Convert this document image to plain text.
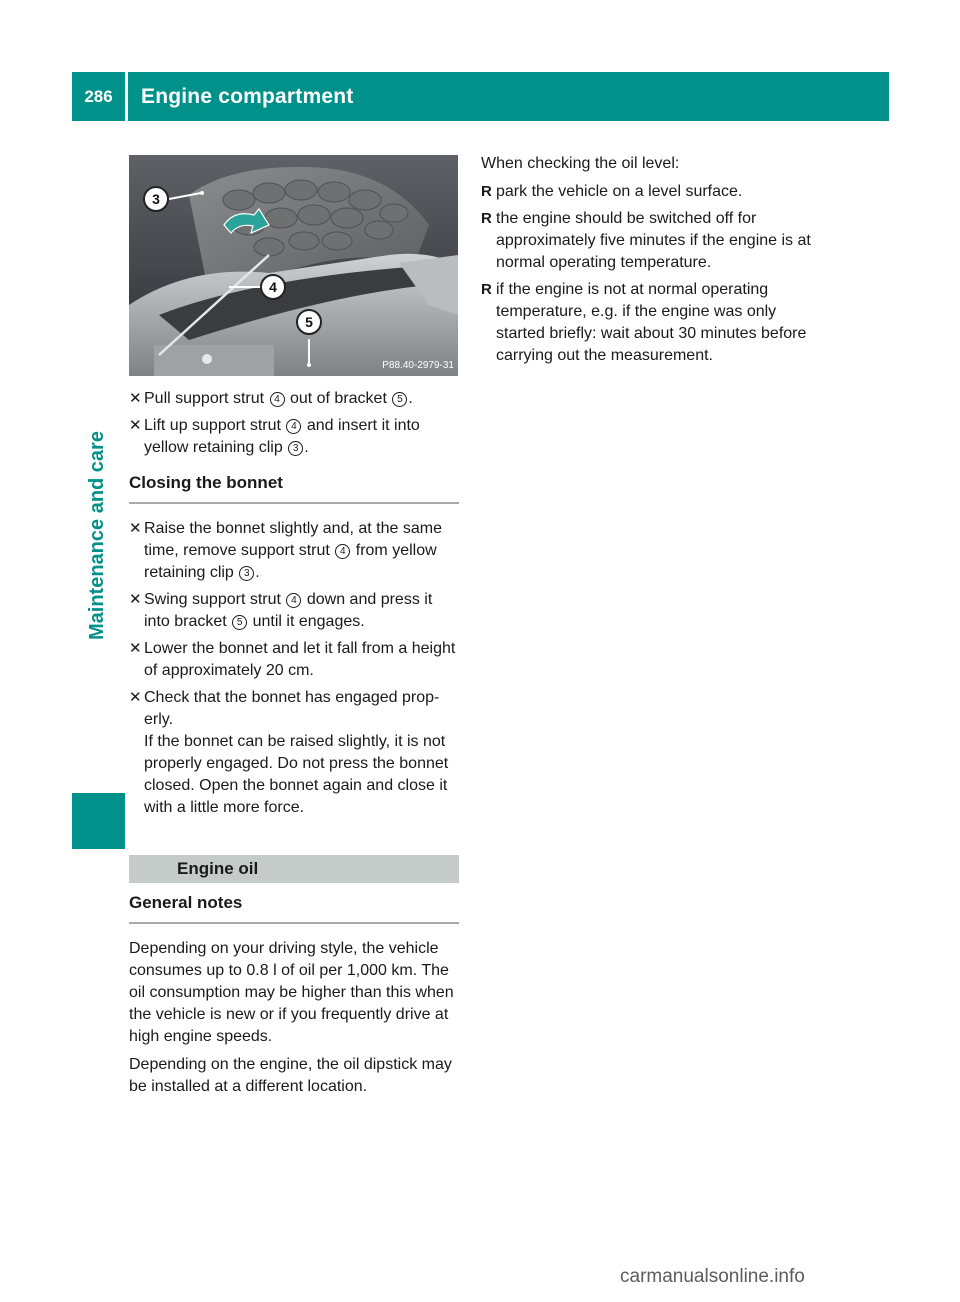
286	Engine compartment
Maintenance and care
3
4
5
P88.40-2979-31
✕ Pull support strut 4 out of bracket 5 .
✕ Lift up support strut 4 and insert it into yellow retaining clip 3 .
Closing the bonnet
✕ Raise the bonnet slightly and, at the same time, remove support strut 4 from yellow retaining clip 3 .
✕ Swing support strut 4 down and press it into bracket 5 until it engages.
✕ Lower the bonnet and let it fall from a height of approximately 20 cm.
✕ Check that the bonnet has engaged prop-erly.

If the bonnet can be raised slightly, it is not properly engaged. Do not press the bonnet closed. Open the bonnet again and close it with a little more force.

Engine oil
General notes

Depending on your driving style, the vehicle consumes up to 0.8 l of oil per 1,000 km. The oil consumption may be higher than this when the vehicle is new or if you frequently drive at high engine speeds.

Depending on the engine, the oil dipstick may be installed at a different location.

When checking the oil level:

R park the vehicle on a level surface.
R the engine should be switched off for approximately five minutes if the engine is at normal operating temperature.
R if the engine is not at normal operating temperature, e.g. if the engine was only started briefly: wait about 30 minutes before carrying out the measurement.
carmanualsonline.info
